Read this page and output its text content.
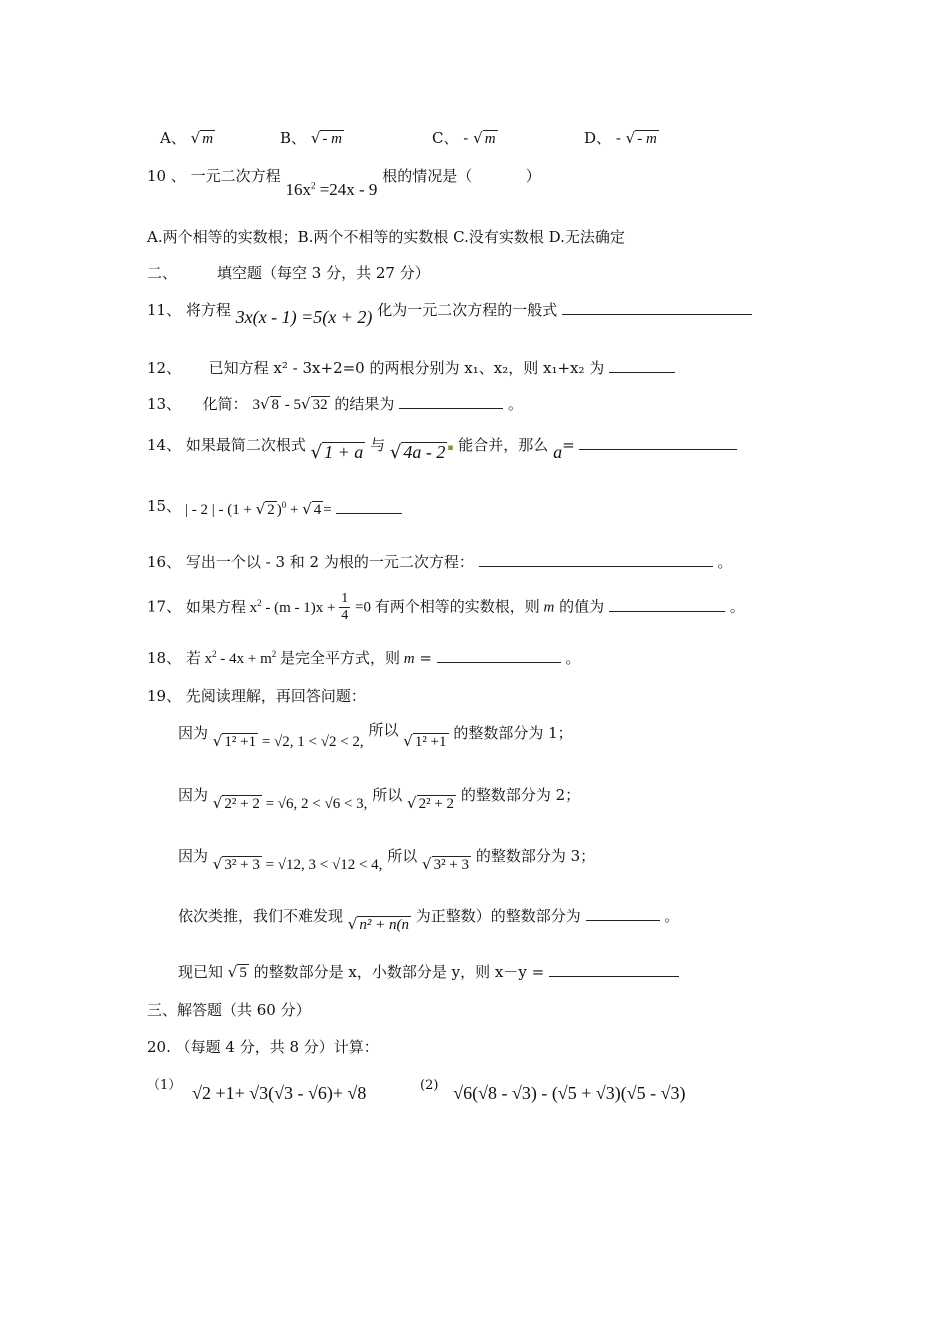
A、 √ m	B、 √ - m	C、 - √ m	D、 - √ - m
10 、 一元二次方程 $16x^2 =24x - 9$ 根的情况是（	）
A.两个相等的实数根；B.两个不相等的实数根 C.没有实数根 D.无法确定
二、	填空题（每空 3 分，共 27 分）
11、 将方程 3x(x - 1) =5(x + 2) 化为一元二次方程的一般式
12、 已知方程 x² - 3x+2=0 的两根分别为 x₁、x₂，则 x₁+x₂ 为
13、 化简： 3√ 8 - 5√ 32 的结果为	。
14、 如果最简二次根式 √ 1 + a 与 √ 4a - 2 ▪ 能合并，那么 a=
15、 | - 2 | - (1 + √ 2 )$^0$ + √ 4 =
16、 写出一个以 - 3 和 2 为根的一元二次方程：	。
17、 如果方程 $x^2 - (m - 1)x + \frac{1}{4} =0$ 有两个相等的实数根，则 m 的值为	。
18、 若 $x^2 - 4x + m^2$ 是完全平方式，则 m =	。
19、 先阅读理解，再回答问题：
因为 √ 1² +1 = √2, 1 < √2 < 2, 所以 √ 1² +1 的整数部分为 1；
因为 √ 2² + 2 = √6, 2 < √6 < 3, 所以 √ 2² + 2 的整数部分为 2；
因为 √ 3² + 3 = √12, 3 < √12 < 4, 所以 √ 3² + 3 的整数部分为 3；
依次类推，我们不难发现 √ n² + n(n 为正整数）的整数部分为	。
现已知 √ 5 的整数部分是 x，小数部分是 y，则 x－y =
三、解答题（共 60 分）
20. （每题 4 分，共 8 分）计算：
（1） √2 +1+ √3(√3 - √6)+ √8	(2) √6(√8 - √3) - (√5 + √3)(√5 - √3)
